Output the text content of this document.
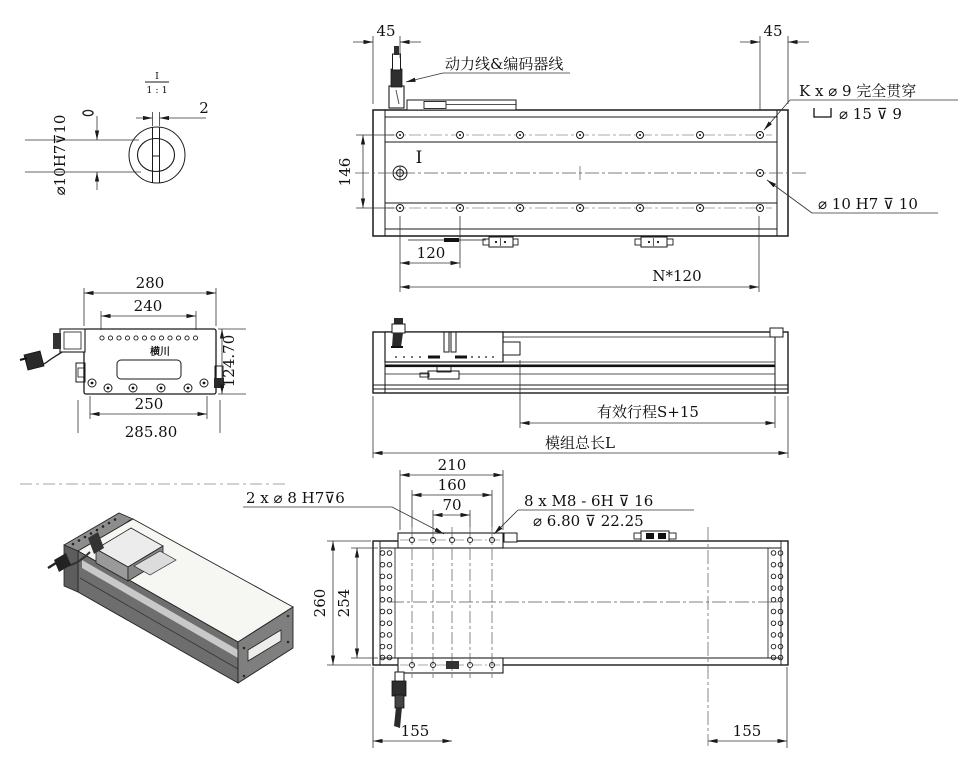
I
1 : 1
2
⌀10H7⊽10	I
动力线&编码器线
45	45
K x ⌀ 9 完全贯穿
⌀ 15 ⊽ 9
⌀ 10 H7 ⊽ 10
146
120
N*120
横川
280
240
124.70
250
285.80
有效行程S+15
模组总长L
210
160
70
2 x ⌀ 8 H7⊽6	8 x M8 - 6H ⊽ 16
⌀ 6.80 ⊽ 22.25
260 254
155	155
